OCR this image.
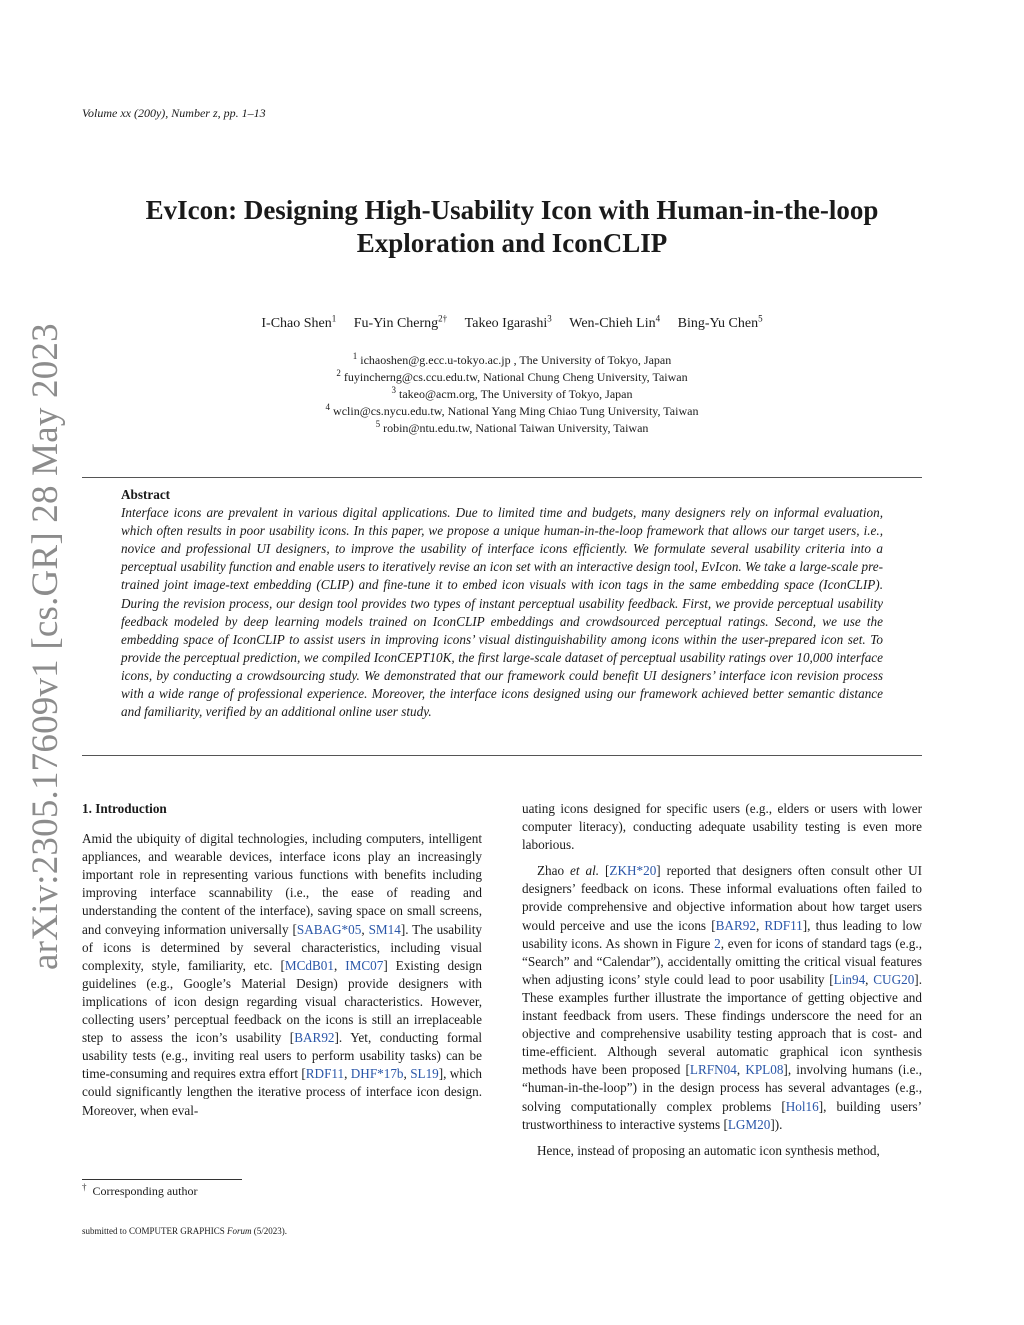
Volume xx (200y), Number z, pp. 1–13
arXiv:2305.17609v1 [cs.GR] 28 May 2023
EvIcon: Designing High-Usability Icon with Human-in-the-loop
Exploration and IconCLIP
I-Chao Shen$^1$ Fu-Yin Cherng$^{2\dagger}$ Takeo Igarashi$^3$ Wen-Chieh Lin$^4$ Bing-Yu Chen$^5$
$^1$ ichaoshen@g.ecc.u-tokyo.ac.jp , The University of Tokyo, Japan
$^2$ fuyincherng@cs.ccu.edu.tw, National Chung Cheng University, Taiwan
$^3$ takeo@acm.org, The University of Tokyo, Japan
$^4$ wclin@cs.nycu.edu.tw, National Yang Ming Chiao Tung University, Taiwan
$^5$ robin@ntu.edu.tw, National Taiwan University, Taiwan
Abstract
Interface icons are prevalent in various digital applications. Due to limited time and budgets, many designers rely on informal evaluation, which often results in poor usability icons. In this paper, we propose a unique human-in-the-loop framework that allows our target users, i.e., novice and professional UI designers, to improve the usability of interface icons efficiently. We formulate several usability criteria into a perceptual usability function and enable users to iteratively revise an icon set with an interactive design tool, EvIcon. We take a large-scale pre-trained joint image-text embedding (CLIP) and fine-tune it to embed icon visuals with icon tags in the same embedding space (IconCLIP). During the revision process, our design tool provides two types of instant perceptual usability feedback. First, we provide perceptual usability feedback modeled by deep learning models trained on IconCLIP embeddings and crowdsourced perceptual ratings. Second, we use the embedding space of IconCLIP to assist users in improving icons’ visual distinguishability among icons within the user-prepared icon set. To provide the perceptual prediction, we compiled IconCEPT10K, the first large-scale dataset of perceptual usability ratings over 10,000 interface icons, by conducting a crowdsourcing study. We demonstrated that our framework could benefit UI designers’ interface icon revision process with a wide range of professional experience. Moreover, the interface icons designed using our framework achieved better semantic distance and familiarity, verified by an additional online user study.

1. Introduction

Amid the ubiquity of digital technologies, including computers, intelligent appliances, and wearable devices, interface icons play an increasingly important role in representing various functions with benefits including improving interface scannability (i.e., the ease of reading and understanding the content of the interface), saving space on small screens, and conveying information universally [SABAG*05, SM14]. The usability of icons is determined by several characteristics, including visual complexity, style, familiarity, etc. [MCdB01, IMC07] Existing design guidelines (e.g., Google’s Material Design) provide designers with implications of icon design regarding visual characteristics. However, collecting users’ perceptual feedback on the icons is still an irreplaceable step to assess the icon’s usability [BAR92]. Yet, conducting formal usability tests (e.g., inviting real users to perform usability tasks) can be time-consuming and requires extra effort [RDF11, DHF*17b, SL19], which could significantly lengthen the iterative process of interface icon design. Moreover, when eval-

uating icons designed for specific users (e.g., elders or users with lower computer literacy), conducting adequate usability testing is even more laborious.

Zhao et al. [ZKH*20] reported that designers often consult other UI designers’ feedback on icons. These informal evaluations often failed to provide comprehensive and objective information about how target users would perceive and use the icons [BAR92, RDF11], thus leading to low usability icons. As shown in Figure 2, even for icons of standard tags (e.g., “Search” and “Calendar”), accidentally omitting the critical visual features when adjusting icons’ style could lead to poor usability [Lin94, CUG20]. These examples further illustrate the importance of getting objective and instant feedback from users. These findings underscore the need for an objective and comprehensive usability testing approach that is cost- and time-efficient. Although several automatic graphical icon synthesis methods have been proposed [LRFN04, KPL08], involving humans (i.e., “human-in-the-loop”) in the design process has several advantages (e.g., solving computationally complex problems [Hol16], building users’ trustworthiness to interactive systems [LGM20]).

Hence, instead of proposing an automatic icon synthesis method,

† Corresponding author
submitted to COMPUTER GRAPHICS Forum (5/2023).
